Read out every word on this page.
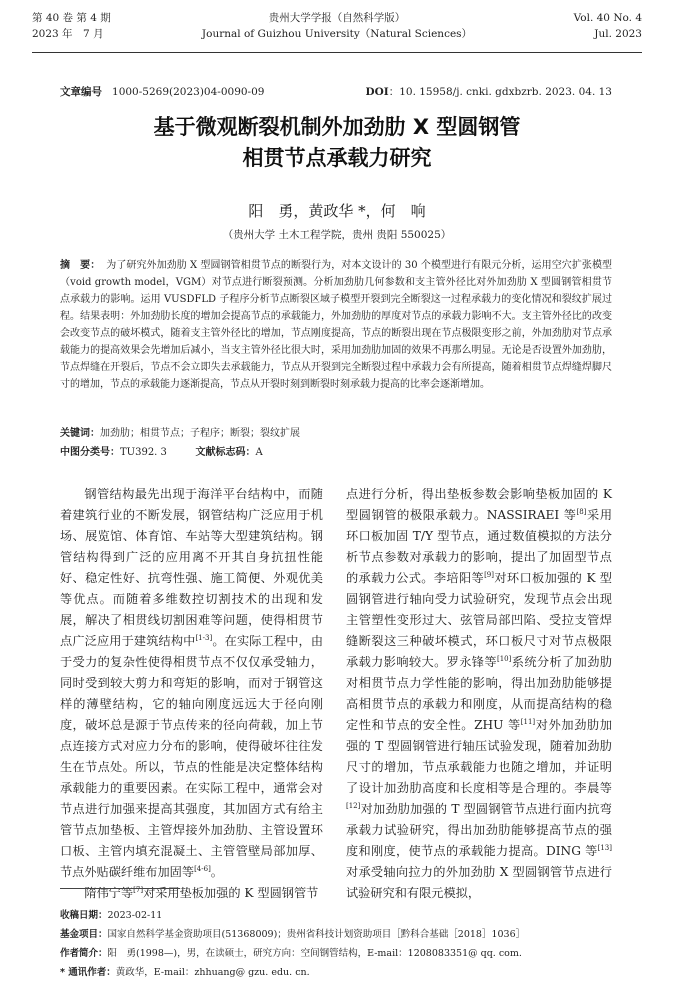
第 40 卷 第 4 期
2023 年　7 月
贵州大学学报（自然科学版）
Journal of Guizhou University（Natural Sciences）
Vol. 40 No. 4
Jul. 2023
文章编号 1000-5269(2023)04-0090-09	DOI：10. 15958/j. cnki. gdxbzrb. 2023. 04. 13
基于微观断裂机制外加劲肋 X 型圆钢管
相贯节点承载力研究
阳　勇，黄政华 *，何　响
（贵州大学 土木工程学院，贵州 贵阳 550025）
摘　要： 为了研究外加劲肋 X 型圆钢管相贯节点的断裂行为，对本文设计的 30 个模型进行有限元分析，运用空穴扩张模型（void growth model，VGM）对节点进行断裂预测。分析加劲肋几何参数和支主管外径比对外加劲肋 X 型圆钢管相贯节点承载力的影响。运用 VUSDFLD 子程序分析节点断裂区域子模型开裂到完全断裂这一过程承载力的变化情况和裂纹扩展过程。结果表明：外加劲肋长度的增加会提高节点的承载能力，外加劲肋的厚度对节点的承载力影响不大。支主管外径比的改变会改变节点的破坏模式，随着支主管外径比的增加，节点刚度提高，节点的断裂出现在节点极限变形之前，外加劲肋对节点承载能力的提高效果会先增加后减小，当支主管外径比很大时，采用加劲肋加固的效果不再那么明显。无论是否设置外加劲肋，节点焊缝在开裂后，节点不会立即失去承载能力，节点从开裂到完全断裂过程中承载力会有所提高，随着相贯节点焊缝焊脚尺寸的增加，节点的承载能力逐渐提高，节点从开裂时刻到断裂时刻承载力提高的比率会逐渐增加。
关键词：加劲肋；相贯节点；子程序；断裂；裂纹扩展
中图分类号：TU392. 3	文献标志码：A

钢管结构最先出现于海洋平台结构中，而随着建筑行业的不断发展，钢管结构广泛应用于机场、展览馆、体育馆、车站等大型建筑结构。钢管结构得到广泛的应用离不开其自身抗扭性能好、稳定性好、抗弯性强、施工简便、外观优美等优点。而随着多维数控切割技术的出现和发展，解决了相贯线切割困难等问题，使得相贯节点广泛应用于建筑结构中[1-3]。在实际工程中，由于受力的复杂性使得相贯节点不仅仅承受轴力，同时受到较大剪力和弯矩的影响，而对于钢管这样的薄壁结构，它的轴向刚度远远大于径向刚度，破坏总是源于节点传来的径向荷载，加上节点连接方式对应力分布的影响，使得破坏往往发生在节点处。所以，节点的性能是决定整体结构承载能力的重要因素。在实际工程中，通常会对节点进行加强来提高其强度，其加固方式有给主管节点加垫板、主管焊接外加劲肋、主管设置环口板、主管内填充混凝土、主管管壁局部加厚、节点外贴碳纤维布加固等[4-6]。

隋伟宁等[7]对采用垫板加强的 K 型圆钢管节

点进行分析，得出垫板参数会影响垫板加固的 K 型圆钢管的极限承载力。NASSIRAEI 等[8]采用环口板加固 T/Y 型节点，通过数值模拟的方法分析节点参数对承载力的影响，提出了加固型节点的承载力公式。李培阳等[9]对环口板加强的 K 型圆钢管进行轴向受力试验研究，发现节点会出现主管塑性变形过大、弦管局部凹陷、受拉支管焊缝断裂这三种破坏模式，环口板尺寸对节点极限承载力影响较大。罗永锋等[10]系统分析了加劲肋对相贯节点力学性能的影响，得出加劲肋能够提高相贯节点的承载力和刚度，从而提高结构的稳定性和节点的安全性。ZHU 等[11]对外加劲肋加强的 T 型圆钢管进行轴压试验发现，随着加劲肋尺寸的增加，节点承载能力也随之增加，并证明了设计加劲肋高度和长度相等是合理的。李晨等[12]对加劲肋加强的 T 型圆钢管节点进行面内抗弯承载力试验研究，得出加劲肋能够提高节点的强度和刚度，使节点的承载能力提高。DING 等[13]对承受轴向拉力的外加劲肋 X 型圆钢管节点进行试验研究和有限元模拟，

收稿日期：2023-02-11
基金项目：国家自然科学基金资助项目(51368009)；贵州省科技计划资助项目［黔科合基础［2018］1036］
作者简介：阳　勇(1998—)，男，在读硕士，研究方向：空间钢管结构，E-mail：1208083351@ qq. com.
* 通讯作者：黄政华，E-mail：zhhuang@ gzu. edu. cn.
